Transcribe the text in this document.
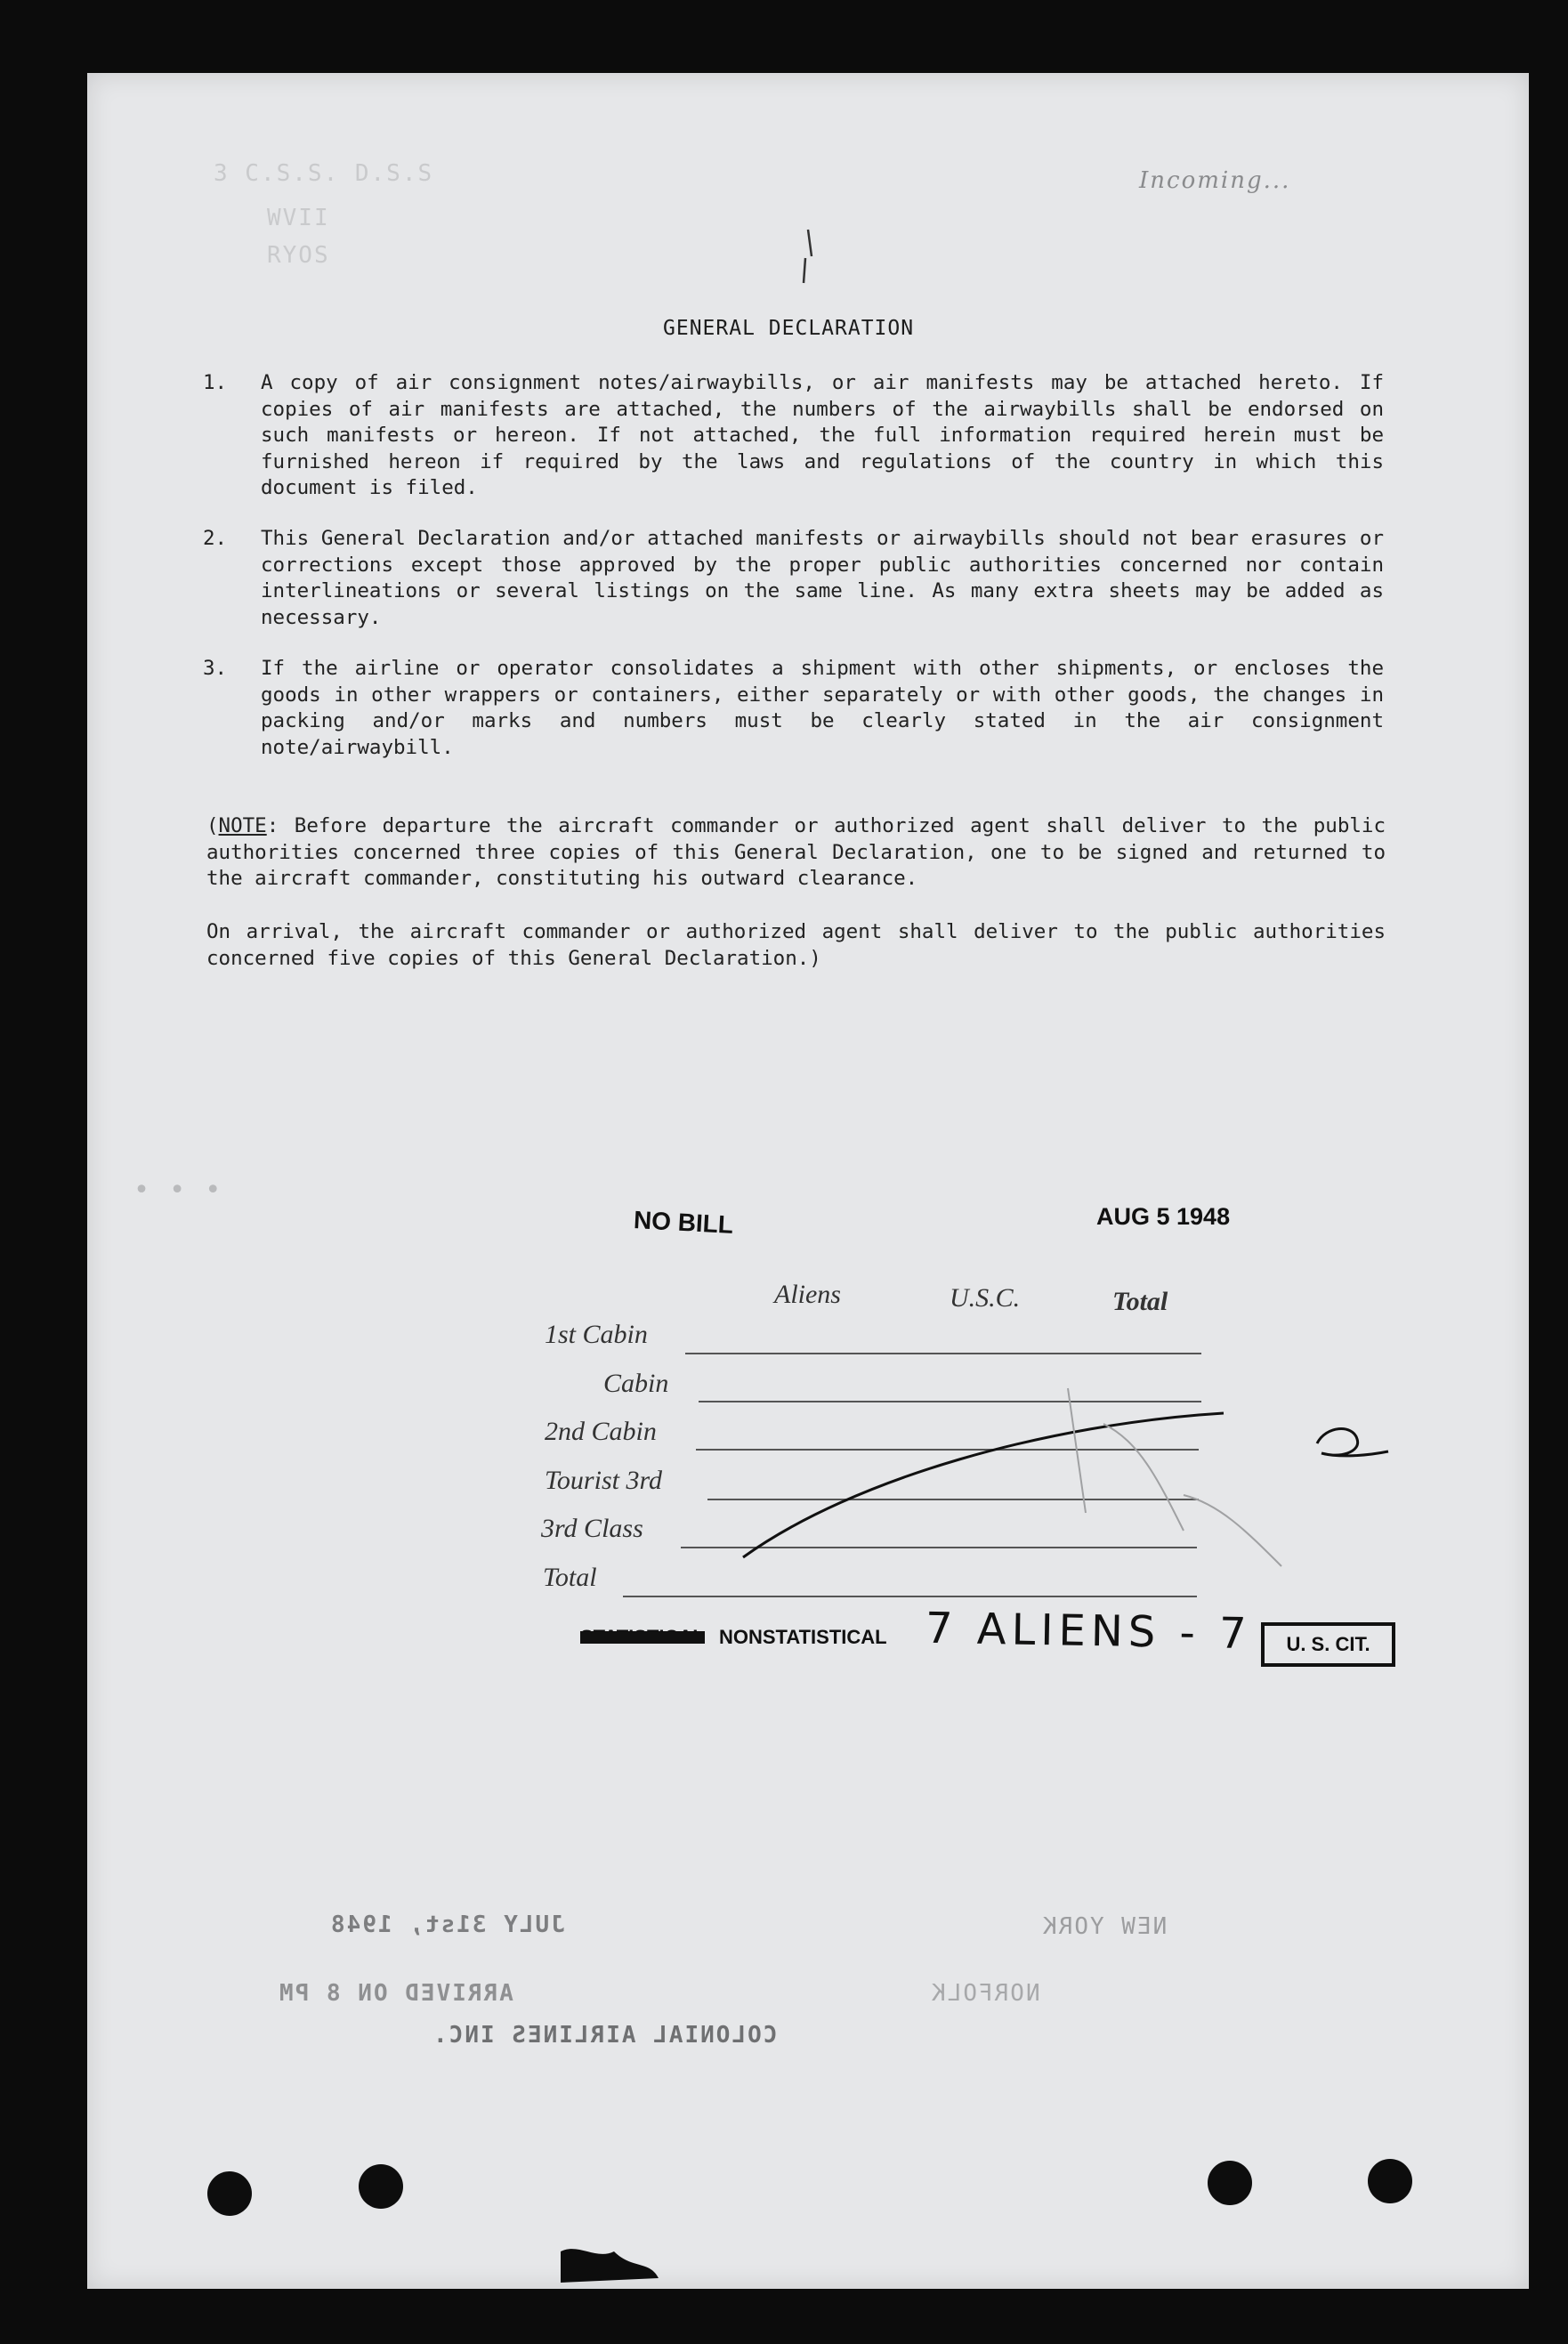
3 C.S.S. D.S.S
WVII
RYOS
Incoming...
GENERAL DECLARATION
1. A copy of air consignment notes/airwaybills, or air manifests may be attached hereto. If copies of air manifests are attached, the numbers of the airwaybills shall be endorsed on such manifests or hereon. If not attached, the full information required herein must be furnished hereon if required by the laws and regulations of the country in which this document is filed.
2. This General Declaration and/or attached manifests or airwaybills should not bear erasures or corrections except those approved by the proper public authorities concerned nor contain interlineations or several listings on the same line. As many extra sheets may be added as necessary.
3. If the airline or operator consolidates a shipment with other shipments, or encloses the goods in other wrappers or containers, either separately or with other goods, the changes in packing and/or marks and numbers must be clearly stated in the air consignment note/airwaybill.
(NOTE: Before departure the aircraft commander or authorized agent shall deliver to the public authorities concerned three copies of this General Declaration, one to be signed and returned to the aircraft commander, constituting his outward clearance.
On arrival, the aircraft commander or authorized agent shall deliver to the public authorities concerned five copies of this General Declaration.)
• • •
NO BILL	AUG 5 1948
Aliens	U.S.C.	Total
1st Cabin
Cabin
2nd Cabin
Tourist 3rd
3rd Class
Total
NONSTATISTICAL 7 ALIENS - 7	U. S. CIT.
JULY 31st, 1948	NEW YORK
ARRIVED ON 8 PM	NORFOLK
COLONIAL AIRLINES INC.
